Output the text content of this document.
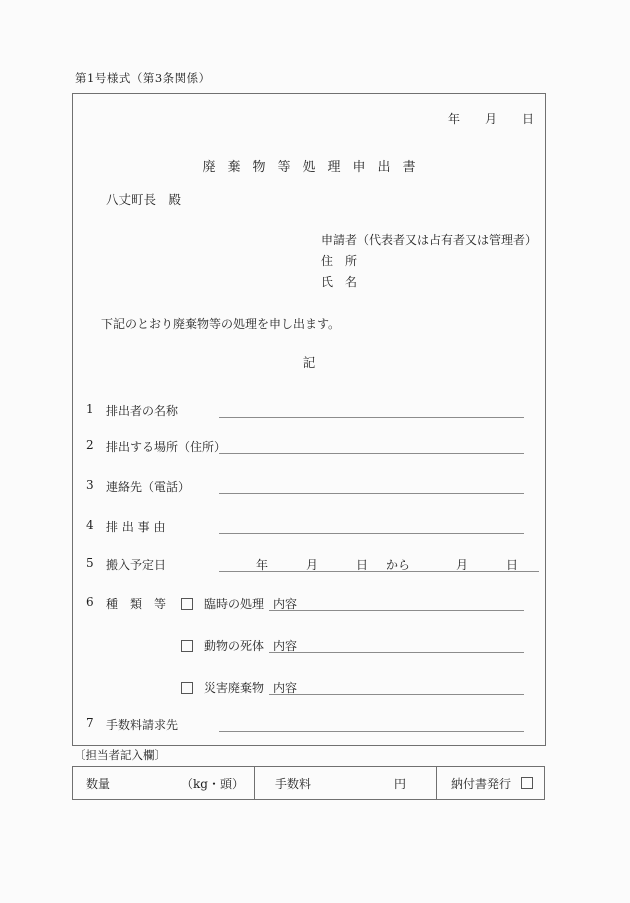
第1号様式（第3条関係）
年 月 日
廃棄物等処理申出書
八丈町長　殿
申請者（代表者又は占有者又は管理者）
住　所
氏　名
下記のとおり廃棄物等の処理を申し出ます。
記
1 排出者の名称
2 排出する場所（住所）
3 連絡先（電話）
4 排 出 事 由
5 搬入予定日	年	月	日 から	月	日
6 種　類　等	臨時の処理 内容
動物の死体 内容
災害廃棄物 内容
7 手数料請求先
〔担当者記入欄〕
数量	（kg・頭）	手数料	円	納付書発行
